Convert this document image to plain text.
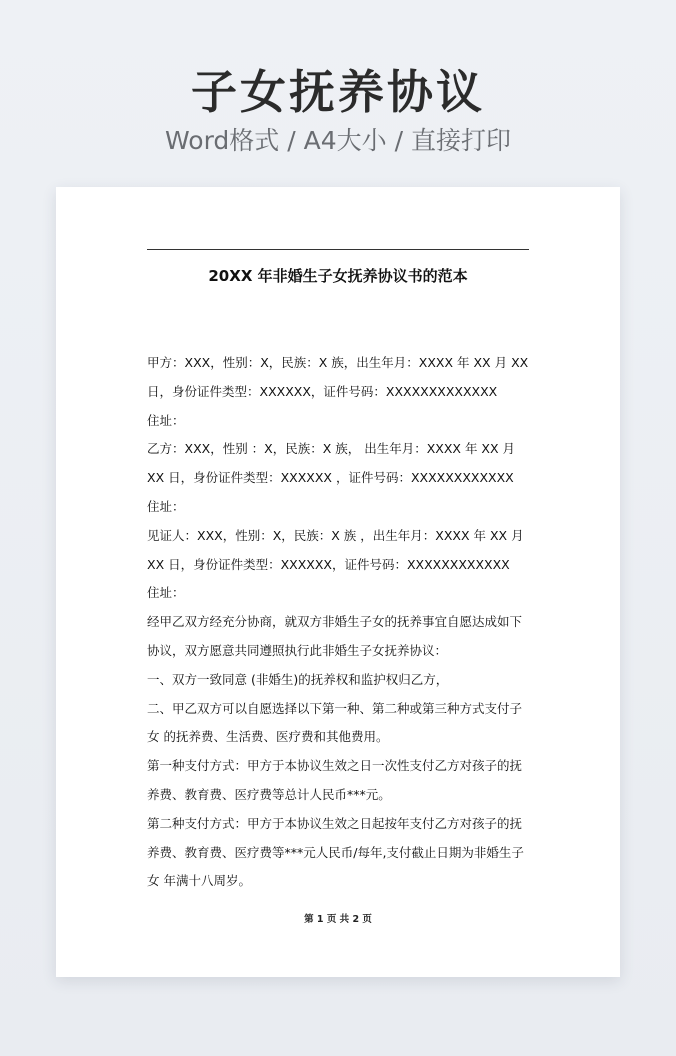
子女抚养协议
Word格式 / A4大小 / 直接打印
20XX 年非婚生子女抚养协议书的范本
甲方：XXX，性别：X，民族：X 族，出生年月：XXXX 年 XX 月 XX
日，身份证件类型：XXXXXX，证件号码：XXXXXXXXXXXXX
住址：
乙方：XXX，性别 ：X，民族：X 族， 出生年月：XXXX 年 XX 月
XX 日，身份证件类型：XXXXXX ，证件号码：XXXXXXXXXXXX
住址：
见证人：XXX，性别：X，民族：X 族 ，出生年月：XXXX 年 XX 月
XX 日，身份证件类型：XXXXXX，证件号码：XXXXXXXXXXXX
住址：
经甲乙双方经充分协商，就双方非婚生子女的抚养事宜自愿达成如下
协议，双方愿意共同遵照执行此非婚生子女抚养协议：
一、双方一致同意 (非婚生)的抚养权和监护权归乙方，
二、甲乙双方可以自愿选择以下第一种、第二种或第三种方式支付子
女 的抚养费、生活费、医疗费和其他费用。
第一种支付方式：甲方于本协议生效之日一次性支付乙方对孩子的抚
养费、教育费、医疗费等总计人民币***元。
第二种支付方式：甲方于本协议生效之日起按年支付乙方对孩子的抚
养费、教育费、医疗费等***元人民币/每年,支付截止日期为非婚生子
女 年满十八周岁。
第 1 页 共 2 页
